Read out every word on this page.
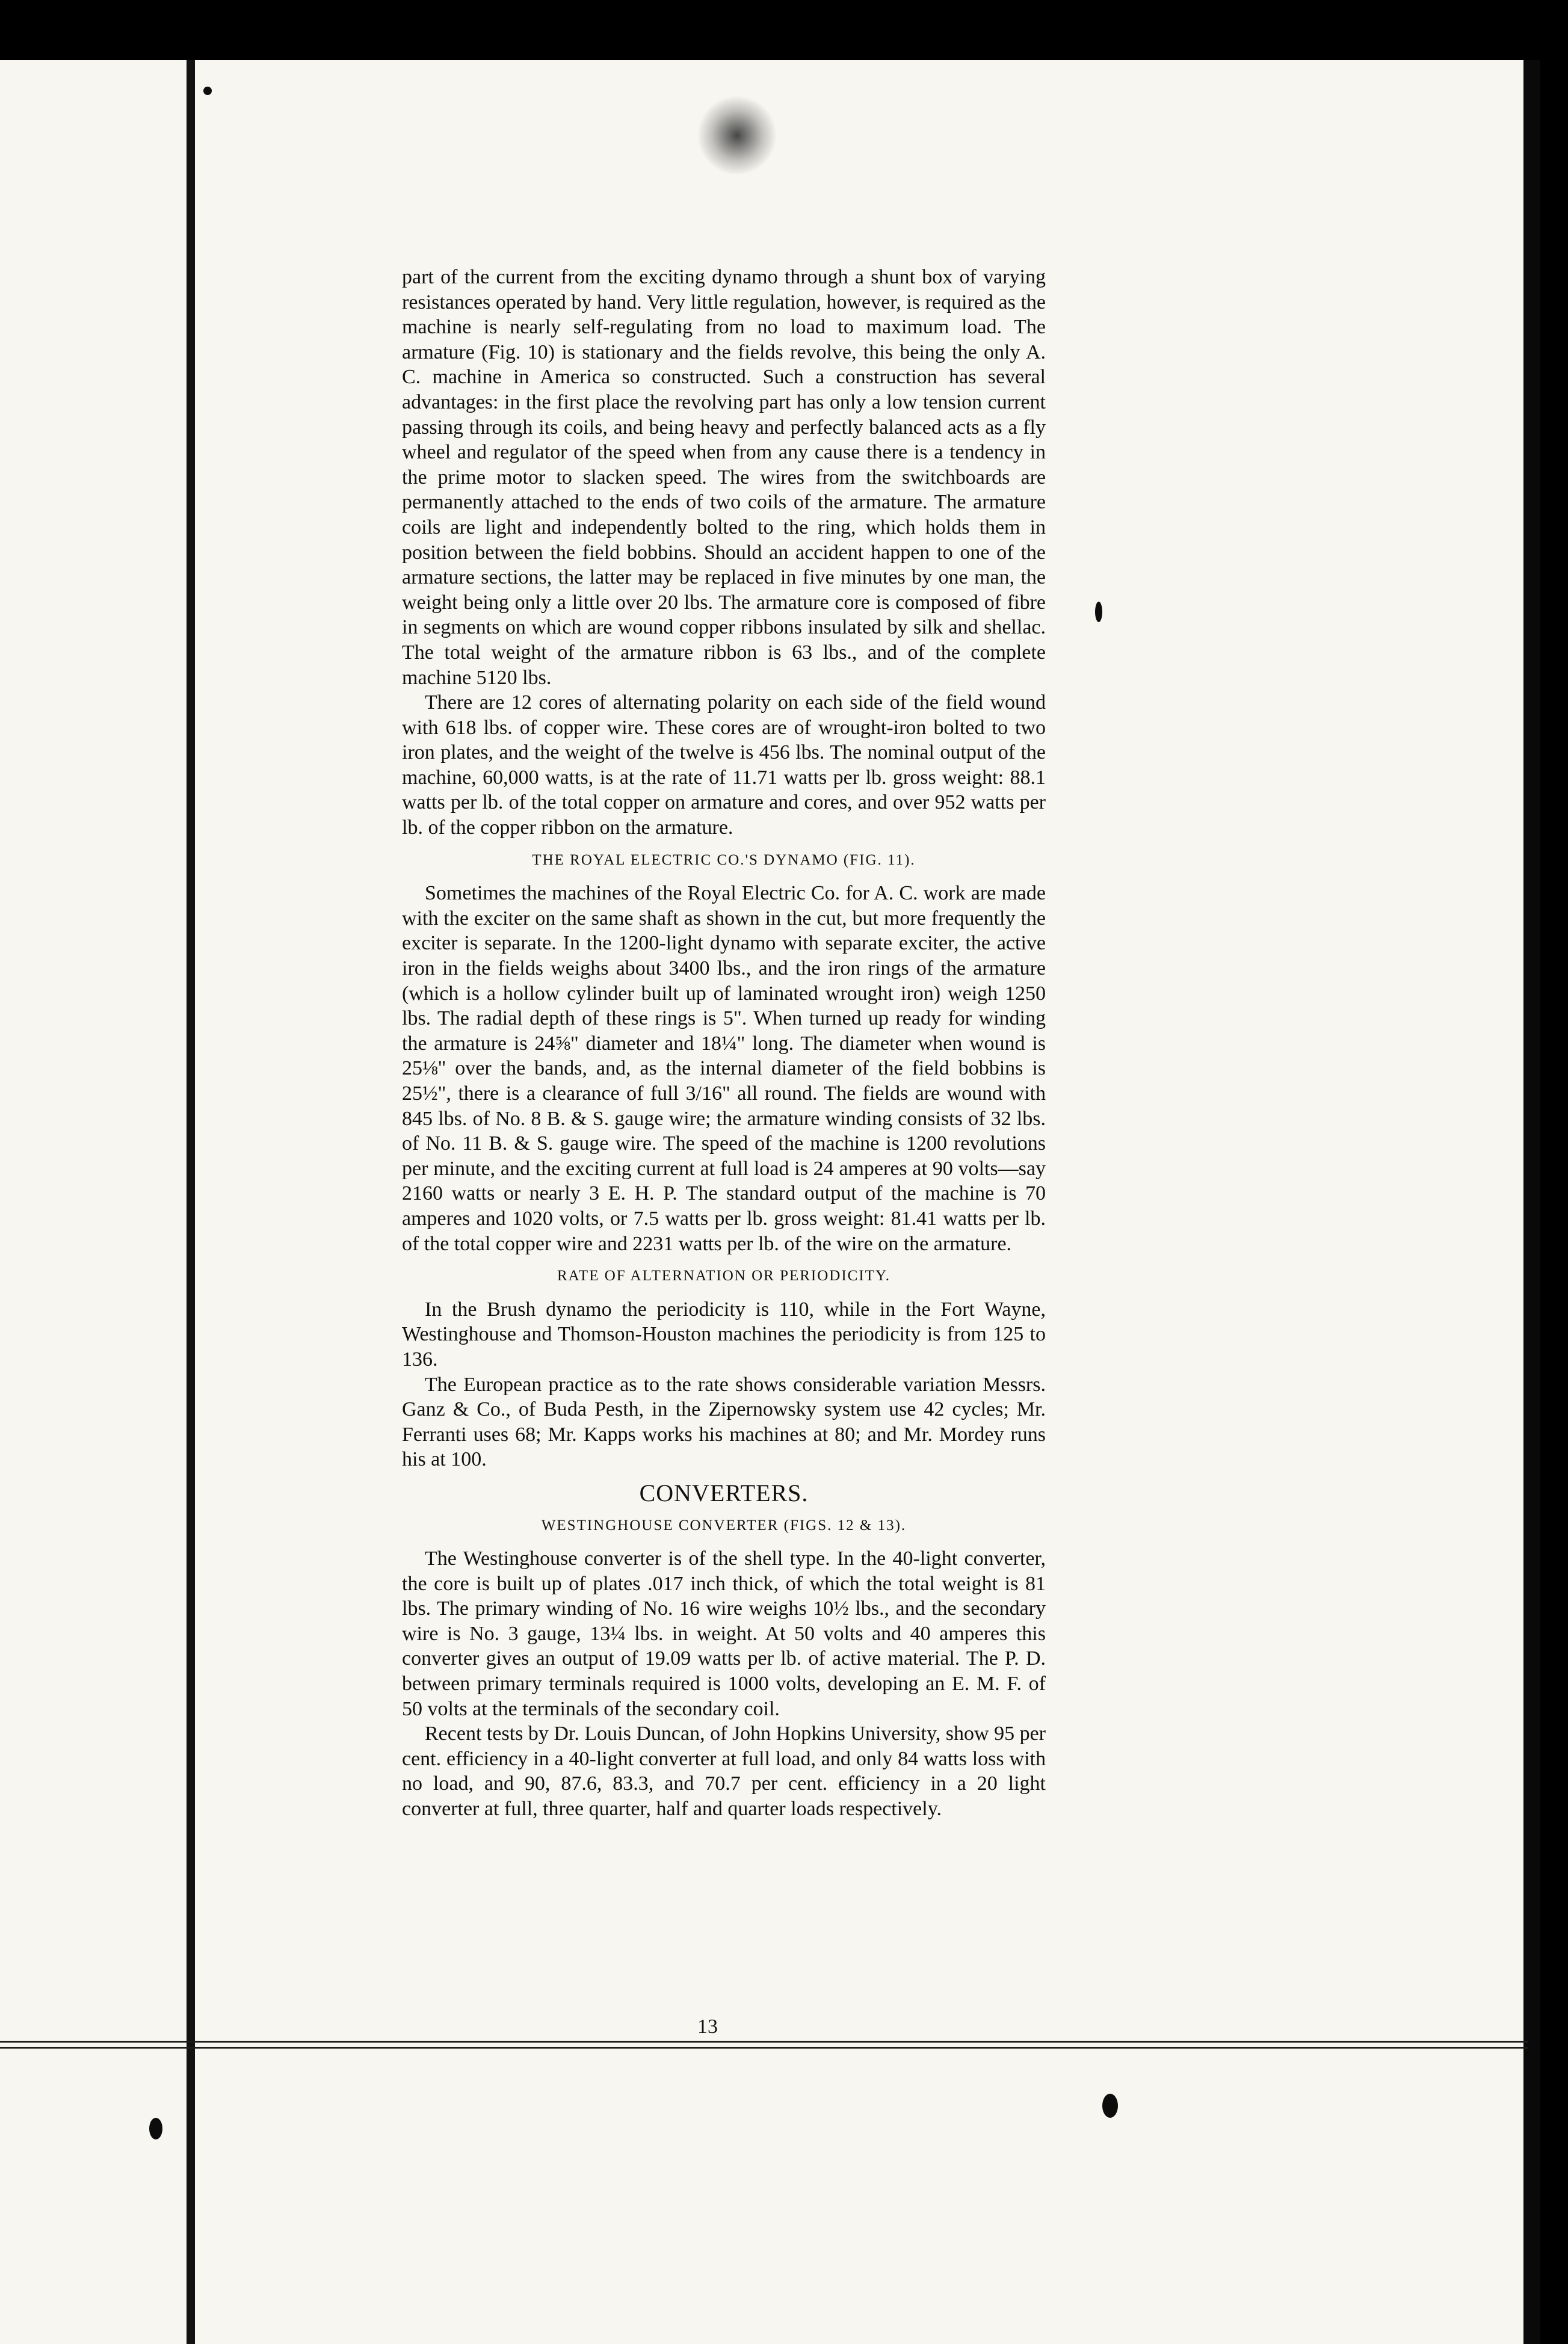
part of the current from the exciting dynamo through a shunt box of varying resistances operated by hand. Very little regulation, however, is required as the machine is nearly self-regulating from no load to maximum load. The armature (Fig. 10) is stationary and the fields revolve, this being the only A. C. machine in America so constructed. Such a construction has several advantages: in the first place the revolving part has only a low tension current passing through its coils, and being heavy and perfectly balanced acts as a fly wheel and regulator of the speed when from any cause there is a tendency in the prime motor to slacken speed. The wires from the switchboards are permanently attached to the ends of two coils of the armature. The armature coils are light and independently bolted to the ring, which holds them in position between the field bobbins. Should an accident happen to one of the armature sections, the latter may be replaced in five minutes by one man, the weight being only a little over 20 lbs. The armature core is composed of fibre in segments on which are wound copper ribbons insulated by silk and shellac. The total weight of the armature ribbon is 63 lbs., and of the complete machine 5120 lbs.

There are 12 cores of alternating polarity on each side of the field wound with 618 lbs. of copper wire. These cores are of wrought-iron bolted to two iron plates, and the weight of the twelve is 456 lbs. The nominal output of the machine, 60,000 watts, is at the rate of 11.71 watts per lb. gross weight: 88.1 watts per lb. of the total copper on armature and cores, and over 952 watts per lb. of the copper ribbon on the armature.

THE ROYAL ELECTRIC CO.'S DYNAMO (FIG. 11).

Sometimes the machines of the Royal Electric Co. for A. C. work are made with the exciter on the same shaft as shown in the cut, but more frequently the exciter is separate. In the 1200-light dynamo with separate exciter, the active iron in the fields weighs about 3400 lbs., and the iron rings of the armature (which is a hollow cylinder built up of laminated wrought iron) weigh 1250 lbs. The radial depth of these rings is 5". When turned up ready for winding the armature is 24⅝" diameter and 18¼" long. The diameter when wound is 25⅛" over the bands, and, as the internal diameter of the field bobbins is 25½", there is a clearance of full 3/16" all round. The fields are wound with 845 lbs. of No. 8 B. & S. gauge wire; the armature winding consists of 32 lbs. of No. 11 B. & S. gauge wire. The speed of the machine is 1200 revolutions per minute, and the exciting current at full load is 24 amperes at 90 volts—say 2160 watts or nearly 3 E. H. P. The standard output of the machine is 70 amperes and 1020 volts, or 7.5 watts per lb. gross weight: 81.41 watts per lb. of the total copper wire and 2231 watts per lb. of the wire on the armature.

RATE OF ALTERNATION OR PERIODICITY.

In the Brush dynamo the periodicity is 110, while in the Fort Wayne, Westinghouse and Thomson-Houston machines the periodicity is from 125 to 136.

The European practice as to the rate shows considerable variation Messrs. Ganz & Co., of Buda Pesth, in the Zipernowsky system use 42 cycles; Mr. Ferranti uses 68; Mr. Kapps works his machines at 80; and Mr. Mordey runs his at 100.

CONVERTERS.
WESTINGHOUSE CONVERTER (FIGS. 12 & 13).

The Westinghouse converter is of the shell type. In the 40-light converter, the core is built up of plates .017 inch thick, of which the total weight is 81 lbs. The primary winding of No. 16 wire weighs 10½ lbs., and the secondary wire is No. 3 gauge, 13¼ lbs. in weight. At 50 volts and 40 amperes this converter gives an output of 19.09 watts per lb. of active material. The P. D. between primary terminals required is 1000 volts, developing an E. M. F. of 50 volts at the terminals of the secondary coil.

Recent tests by Dr. Louis Duncan, of John Hopkins University, show 95 per cent. efficiency in a 40-light converter at full load, and only 84 watts loss with no load, and 90, 87.6, 83.3, and 70.7 per cent. efficiency in a 20 light converter at full, three quarter, half and quarter loads respectively.

13
